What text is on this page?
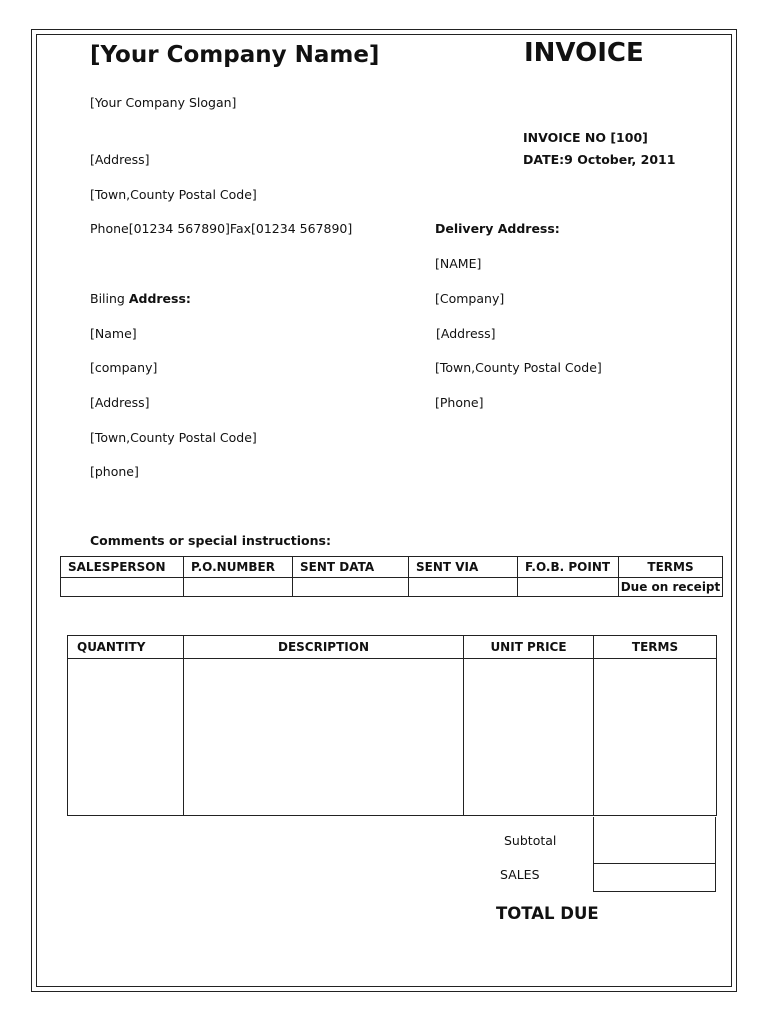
[Your Company Name]	INVOICE
[Your Company Slogan]
INVOICE NO [100]
DATE:9 October, 2011
[Address]
[Town,County Postal Code]
Phone[01234 567890]Fax[01234 567890]	Delivery Address:
[NAME]
[Company]
[Address]
[Town,County Postal Code]
[Phone]
Biling Address:
[Name]
[company]
[Address]
[Town,County Postal Code]
[phone]
Comments or special instructions:
SALESPERSON	P.O.NUMBER	SENT DATA	SENT VIA	F.O.B. POINT	TERMS
					Due on receipt
QUANTITY	DESCRIPTION	UNIT PRICE	TERMS

Subtotal
SALES
TOTAL DUE
